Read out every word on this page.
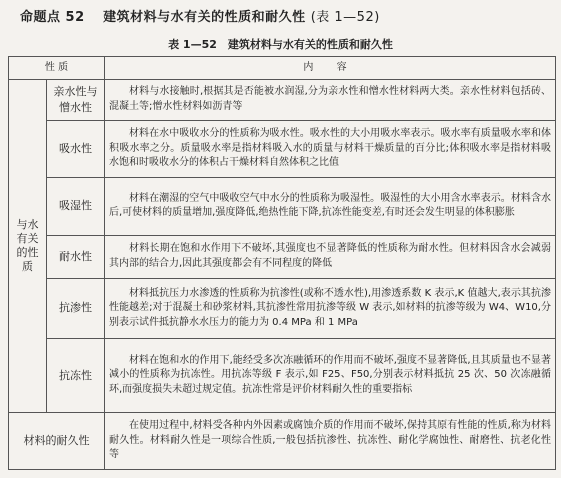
命题点 52　 建筑材料与水有关的性质和耐久性 (表 1—52)
表 1—52　建筑材料与水有关的性质和耐久性
性 质		内 容
与水有关的性质	亲水性与憎水性	材料与水接触时,根据其是否能被水润湿,分为亲水性和憎水性材料两大类。亲水性材料包括砖、混凝土等;憎水性材料如沥青等
	吸水性	材料在水中吸收水分的性质称为吸水性。吸水性的大小用吸水率表示。吸水率有质量吸水率和体积吸水率之分。质量吸水率是指材料吸入水的质量与材料干燥质量的百分比;体积吸水率是指材料吸水饱和时吸收水分的体积占干燥材料自然体积之比值
	吸湿性	材料在潮湿的空气中吸收空气中水分的性质称为吸湿性。吸湿性的大小用含水率表示。材料含水后,可使材料的质量增加,强度降低,绝热性能下降,抗冻性能变差,有时还会发生明显的体积膨胀
	耐水性	材料长期在饱和水作用下不破坏,其强度也不显著降低的性质称为耐水性。但材料因含水会减弱其内部的结合力,因此其强度都会有不同程度的降低
	抗渗性	材料抵抗压力水渗透的性质称为抗渗性(或称不透水性),用渗透系数 K 表示,K 值越大,表示其抗渗性能越差;对于混凝土和砂浆材料,其抗渗性常用抗渗等级 W 表示,如材料的抗渗等级为 W4、W10,分别表示试件抵抗静水水压力的能力为 0.4 MPa 和 1 MPa
	抗冻性	材料在饱和水的作用下,能经受多次冻融循环的作用而不破坏,强度不显著降低,且其质量也不显著减小的性质称为抗冻性。用抗冻等级 F 表示,如 F25、F50,分别表示材料抵抗 25 次、50 次冻融循环,而强度损失未超过规定值。抗冻性常是评价材料耐久性的重要指标
材料的耐久性		在使用过程中,材料受各种内外因素或腐蚀介质的作用而不破坏,保持其原有性能的性质,称为材料耐久性。材料耐久性是一项综合性质,一般包括抗渗性、抗冻性、耐化学腐蚀性、耐磨性、抗老化性等
